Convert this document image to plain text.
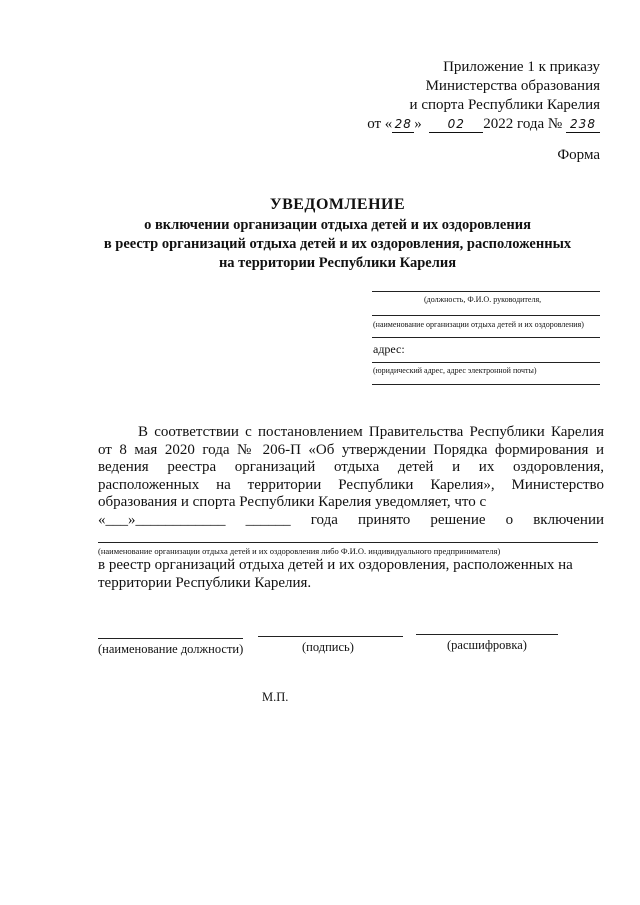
Приложение 1 к приказу
Министерства образования
и спорта Республики Карелия
от « 28 » 02 2022 года № 238
Форма
УВЕДОМЛЕНИЕ
о включении организации отдыха детей и их оздоровления
в реестр организаций отдыха детей и их оздоровления, расположенных
на территории Республики Карелия
(должность, Ф.И.О. руководителя,
(наименование организации отдыха детей и их оздоровления)
адрес:
(юридический адрес, адрес электронной почты)

В соответствии с постановлением Правительства Республики Карелия от 8 мая 2020 года № 206-П «Об утверждении Порядка формирования и ведения реестра организаций отдыха детей и их оздоровления, расположенных на территории Республики Карелия», Министерство образования и спорта Республики Карелия уведомляет, что с

«___»____________ ______ года принято решение о включении
(наименование организации отдыха детей и их оздоровления либо Ф.И.О. индивидуального предпринимателя)
в реестр организаций отдыха детей и их оздоровления, расположенных на территории Республики Карелия.
(наименование должности)	(подпись)	(расшифровка)
М.П.
